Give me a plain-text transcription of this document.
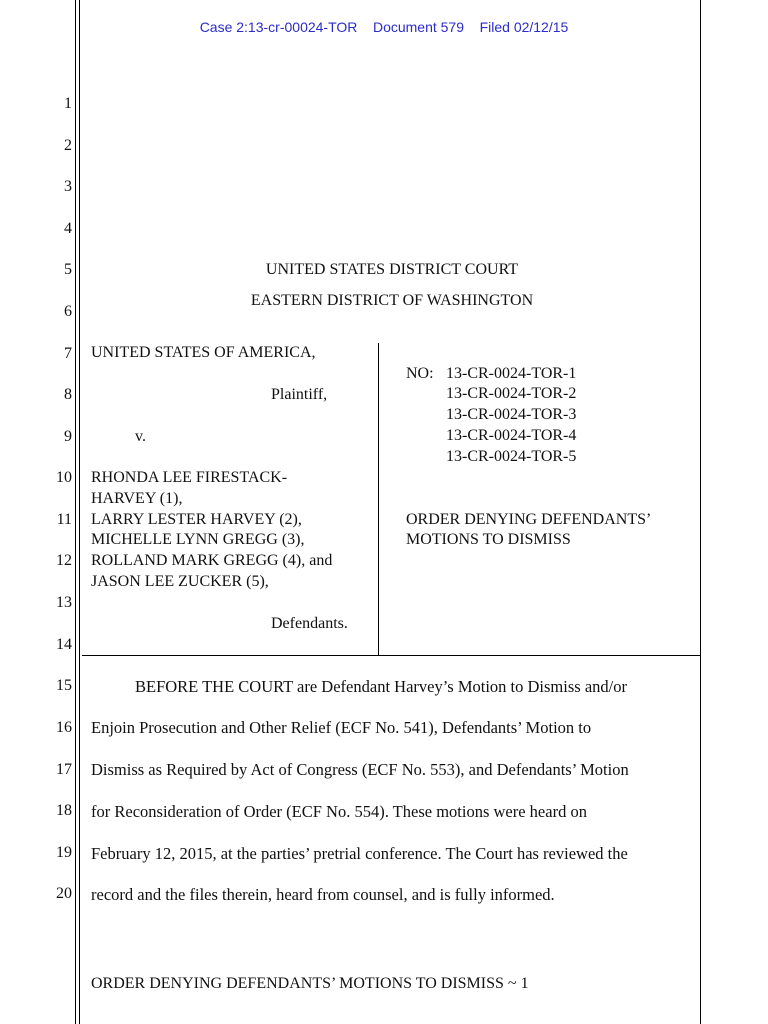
Case 2:13-cr-00024-TOR Document 579 Filed 02/12/15
1
2
3
4
5
6
7
8
9
10
11
12
13
14
15
16
17
18
19
20
UNITED STATES DISTRICT COURT
EASTERN DISTRICT OF WASHINGTON
UNITED STATES OF AMERICA,
Plaintiff,
v.
RHONDA LEE FIRESTACK-
HARVEY (1),
LARRY LESTER HARVEY (2),
MICHELLE LYNN GREGG (3),
ROLLAND MARK GREGG (4), and
JASON LEE ZUCKER (5),
Defendants.
NO: 13-CR-0024-TOR-1
13-CR-0024-TOR-2
13-CR-0024-TOR-3
13-CR-0024-TOR-4
13-CR-0024-TOR-5
ORDER DENYING DEFENDANTS’
MOTIONS TO DISMISS
BEFORE THE COURT are Defendant Harvey’s Motion to Dismiss and/or
Enjoin Prosecution and Other Relief (ECF No. 541), Defendants’ Motion to
Dismiss as Required by Act of Congress (ECF No. 553), and Defendants’ Motion
for Reconsideration of Order (ECF No. 554). These motions were heard on
February 12, 2015, at the parties’ pretrial conference. The Court has reviewed the
record and the files therein, heard from counsel, and is fully informed.
ORDER DENYING DEFENDANTS’ MOTIONS TO DISMISS ~ 1
